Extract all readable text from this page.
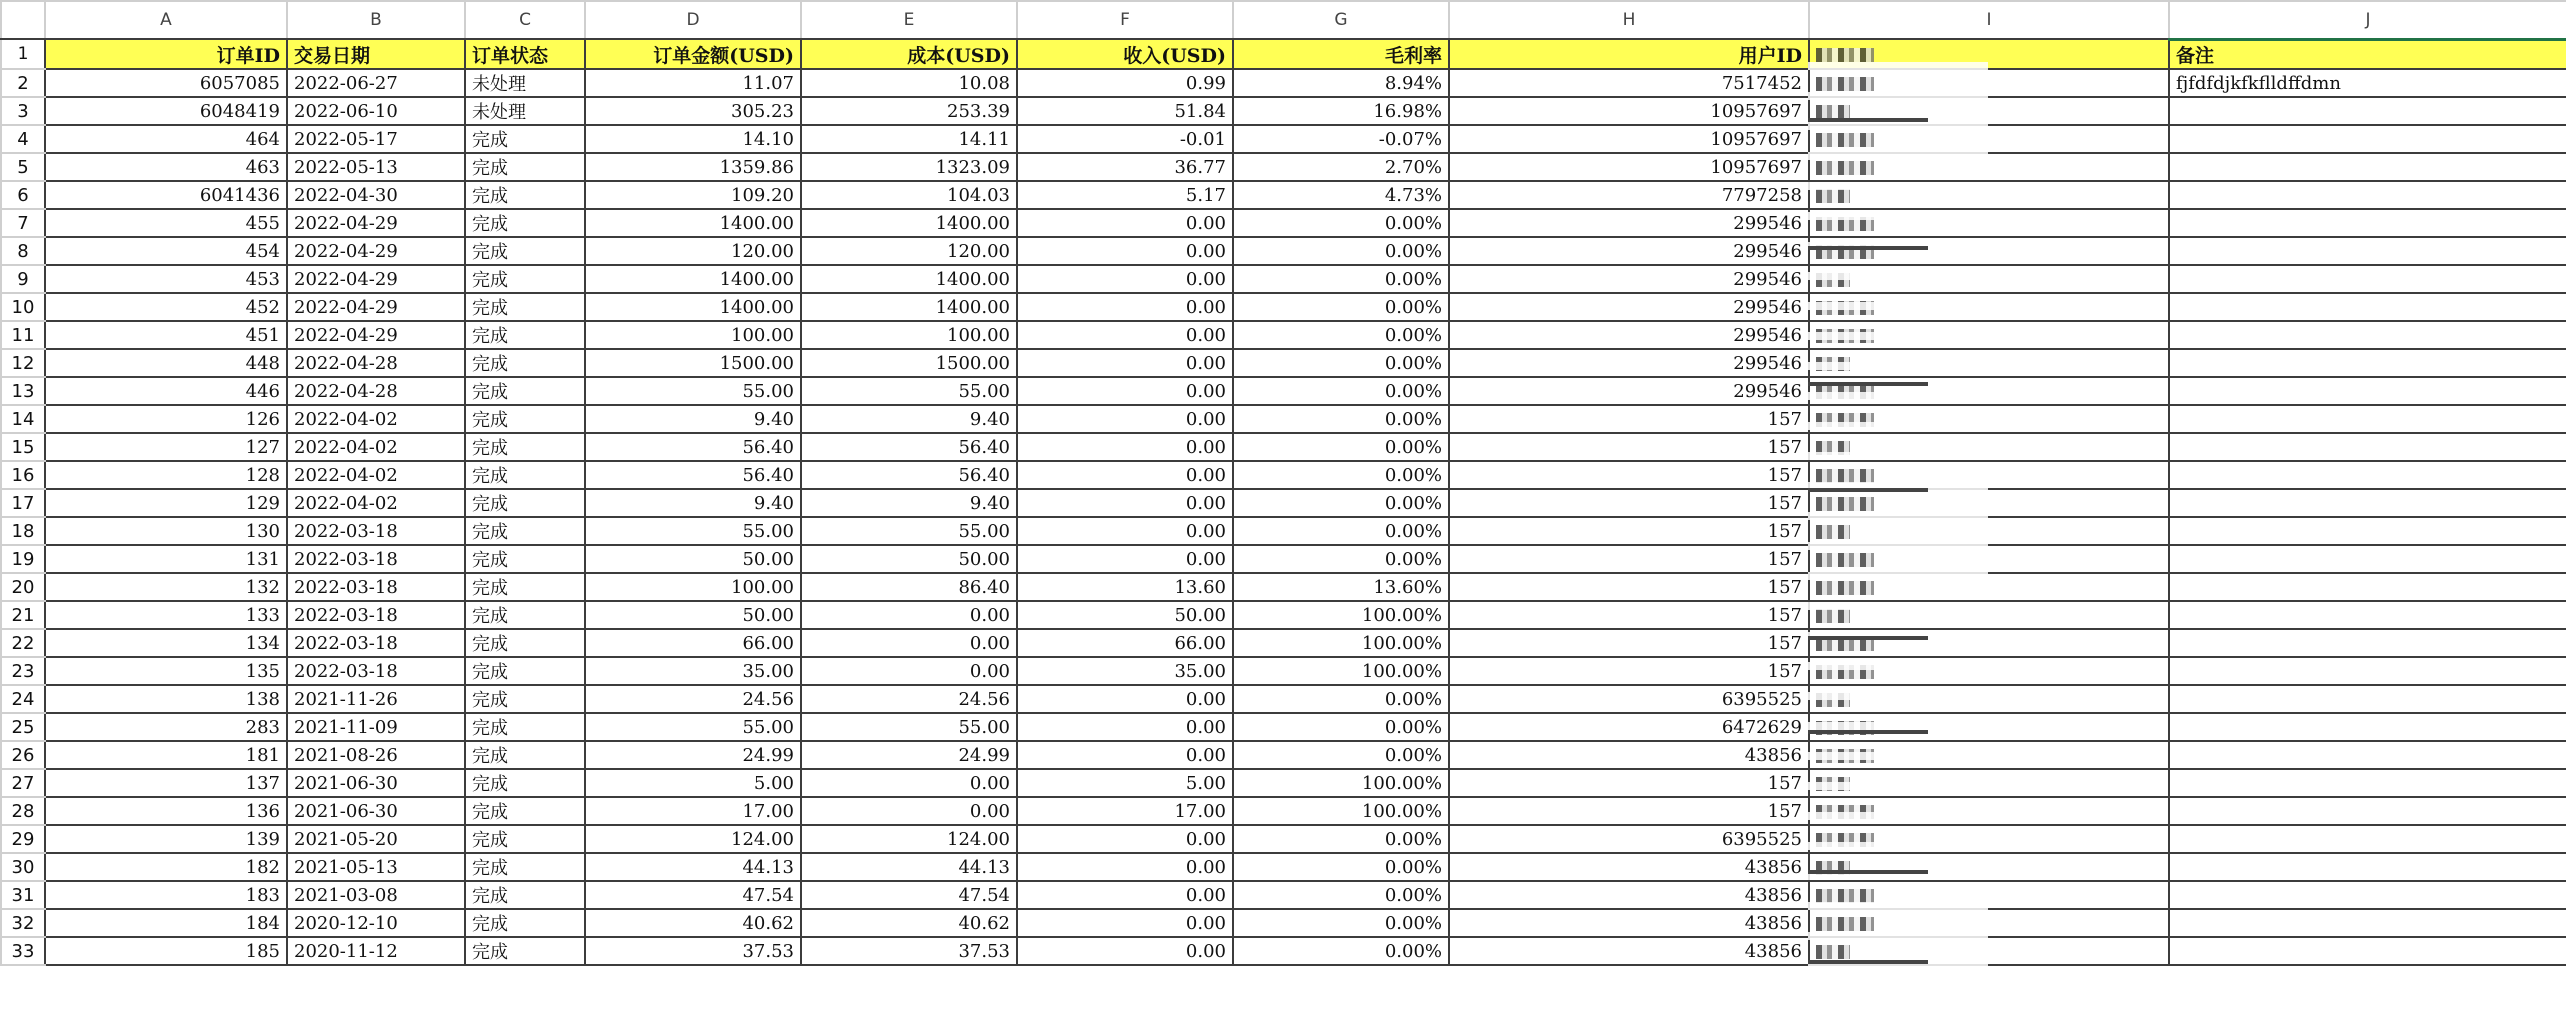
	A	B	C	D	E	F	G	H	I	J
1	订单ID	交易日期	订单状态	订单金额(USD)	成本(USD)	收入(USD)	毛利率	用户ID		备注
2	6057085	2022-06-27	未处理	11.07	10.08	0.99	8.94%	7517452		fjfdfdjkfkflldffdmn
3	6048419	2022-06-10	未处理	305.23	253.39	51.84	16.98%	10957697		
4	464	2022-05-17	完成	14.10	14.11	-0.01	-0.07%	10957697		
5	463	2022-05-13	完成	1359.86	1323.09	36.77	2.70%	10957697		
6	6041436	2022-04-30	完成	109.20	104.03	5.17	4.73%	7797258		
7	455	2022-04-29	完成	1400.00	1400.00	0.00	0.00%	299546		
8	454	2022-04-29	完成	120.00	120.00	0.00	0.00%	299546		
9	453	2022-04-29	完成	1400.00	1400.00	0.00	0.00%	299546		
10	452	2022-04-29	完成	1400.00	1400.00	0.00	0.00%	299546		
11	451	2022-04-29	完成	100.00	100.00	0.00	0.00%	299546		
12	448	2022-04-28	完成	1500.00	1500.00	0.00	0.00%	299546		
13	446	2022-04-28	完成	55.00	55.00	0.00	0.00%	299546		
14	126	2022-04-02	完成	9.40	9.40	0.00	0.00%	157		
15	127	2022-04-02	完成	56.40	56.40	0.00	0.00%	157		
16	128	2022-04-02	完成	56.40	56.40	0.00	0.00%	157		
17	129	2022-04-02	完成	9.40	9.40	0.00	0.00%	157		
18	130	2022-03-18	完成	55.00	55.00	0.00	0.00%	157		
19	131	2022-03-18	完成	50.00	50.00	0.00	0.00%	157		
20	132	2022-03-18	完成	100.00	86.40	13.60	13.60%	157		
21	133	2022-03-18	完成	50.00	0.00	50.00	100.00%	157		
22	134	2022-03-18	完成	66.00	0.00	66.00	100.00%	157		
23	135	2022-03-18	完成	35.00	0.00	35.00	100.00%	157		
24	138	2021-11-26	完成	24.56	24.56	0.00	0.00%	6395525		
25	283	2021-11-09	完成	55.00	55.00	0.00	0.00%	6472629		
26	181	2021-08-26	完成	24.99	24.99	0.00	0.00%	43856		
27	137	2021-06-30	完成	5.00	0.00	5.00	100.00%	157		
28	136	2021-06-30	完成	17.00	0.00	17.00	100.00%	157		
29	139	2021-05-20	完成	124.00	124.00	0.00	0.00%	6395525		
30	182	2021-05-13	完成	44.13	44.13	0.00	0.00%	43856		
31	183	2021-03-08	完成	47.54	47.54	0.00	0.00%	43856		
32	184	2020-12-10	完成	40.62	40.62	0.00	0.00%	43856		
33	185	2020-11-12	完成	37.53	37.53	0.00	0.00%	43856		
